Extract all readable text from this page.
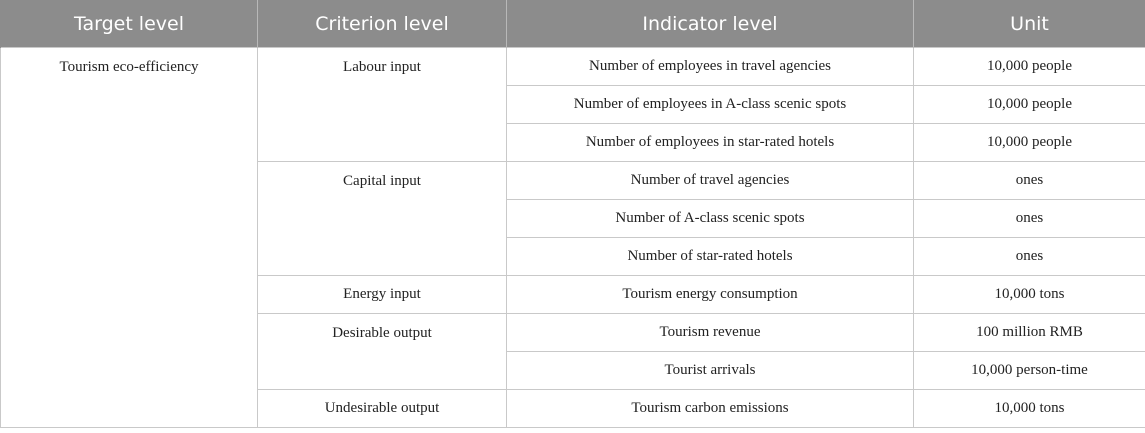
Target level	Criterion level	Indicator level	Unit
Tourism eco-efficiency	Labour input	Number of employees in travel agencies	10,000 people
		Number of employees in A-class scenic spots	10,000 people
		Number of employees in star-rated hotels	10,000 people
	Capital input	Number of travel agencies	ones
		Number of A-class scenic spots	ones
		Number of star-rated hotels	ones
	Energy input	Tourism energy consumption	10,000 tons
	Desirable output	Tourism revenue	100 million RMB
		Tourist arrivals	10,000 person-time
	Undesirable output	Tourism carbon emissions	10,000 tons
